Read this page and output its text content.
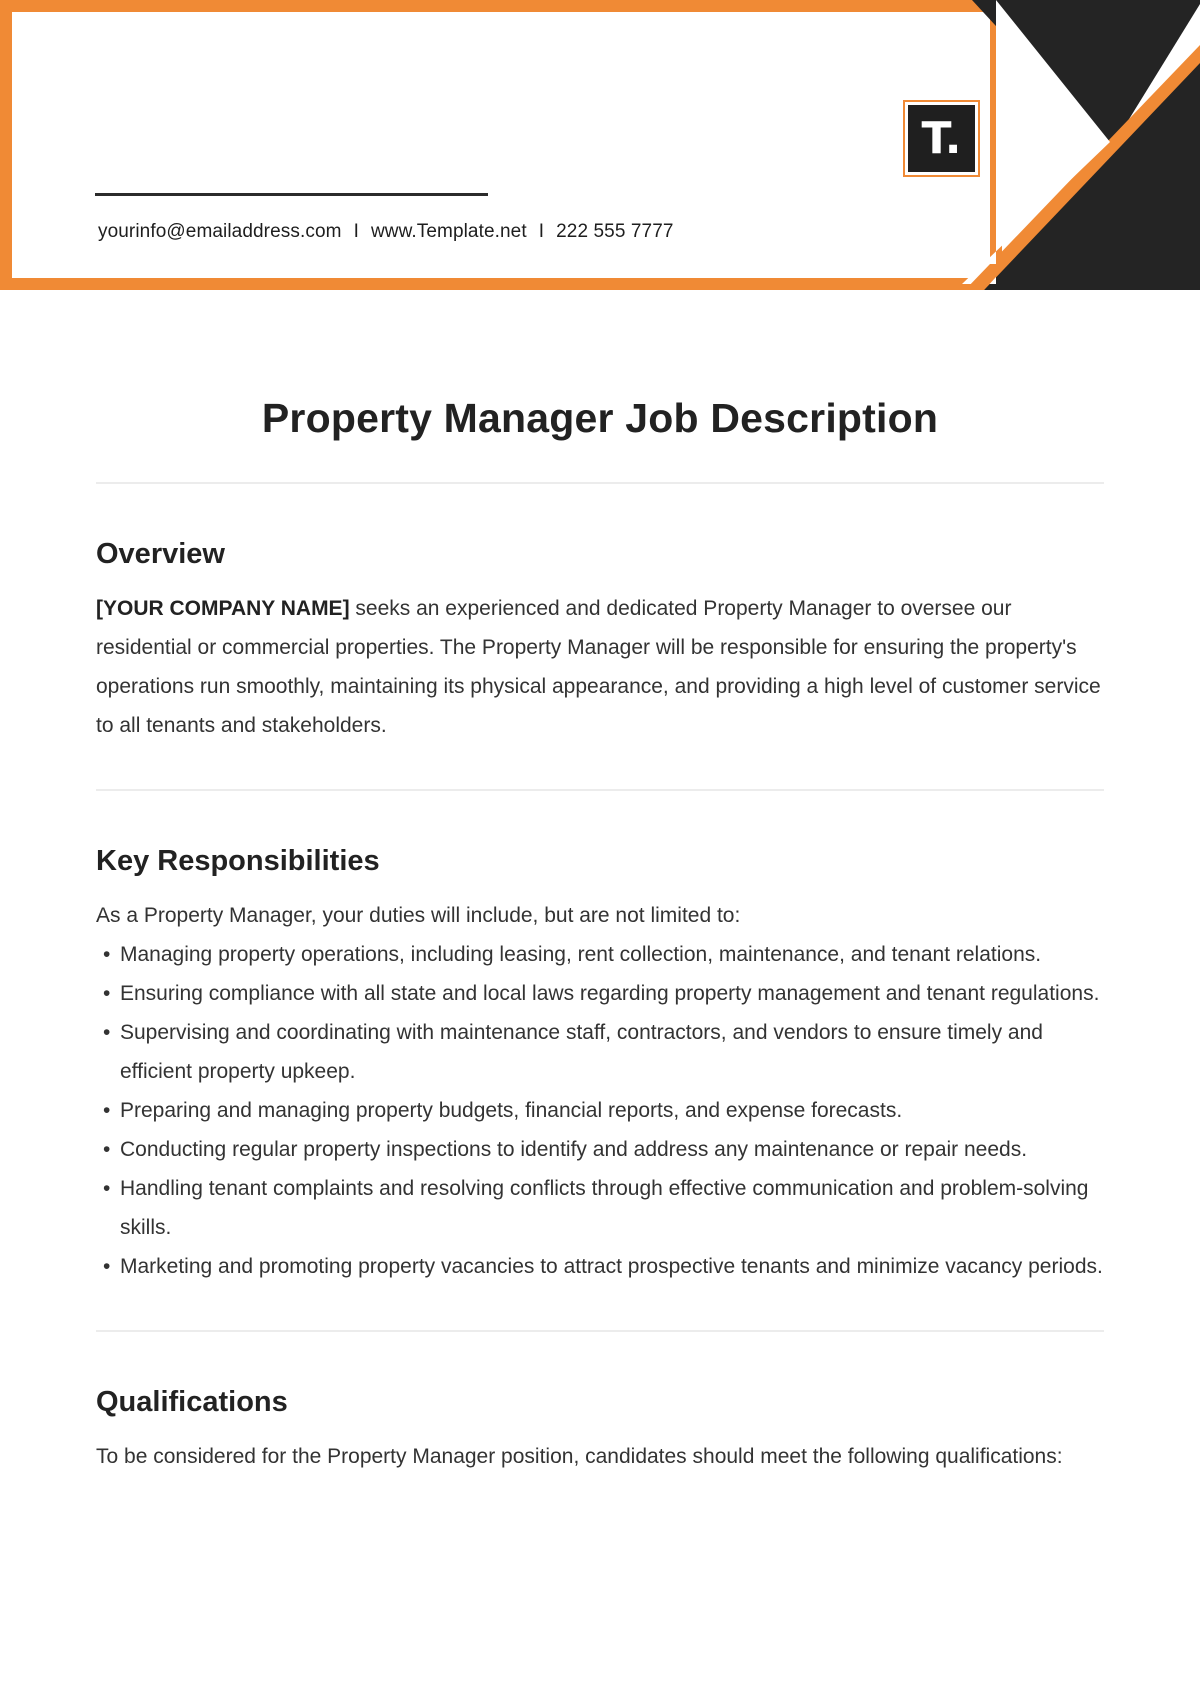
yourinfo@emailaddress.com I www.Template.net I 222 555 7777
T.
Property Manager Job Description
Overview

[YOUR COMPANY NAME] seeks an experienced and dedicated Property Manager to oversee our residential or commercial properties. The Property Manager will be responsible for ensuring the property's operations run smoothly, maintaining its physical appearance, and providing a high level of customer service to all tenants and stakeholders.

Key Responsibilities

As a Property Manager, your duties will include, but are not limited to:

• Managing property operations, including leasing, rent collection, maintenance, and tenant relations.
• Ensuring compliance with all state and local laws regarding property management and tenant regulations.
• Supervising and coordinating with maintenance staff, contractors, and vendors to ensure timely and efficient property upkeep.
• Preparing and managing property budgets, financial reports, and expense forecasts.
• Conducting regular property inspections to identify and address any maintenance or repair needs.
• Handling tenant complaints and resolving conflicts through effective communication and problem-solving skills.
• Marketing and promoting property vacancies to attract prospective tenants and minimize vacancy periods.
Qualifications

To be considered for the Property Manager position, candidates should meet the following qualifications:
